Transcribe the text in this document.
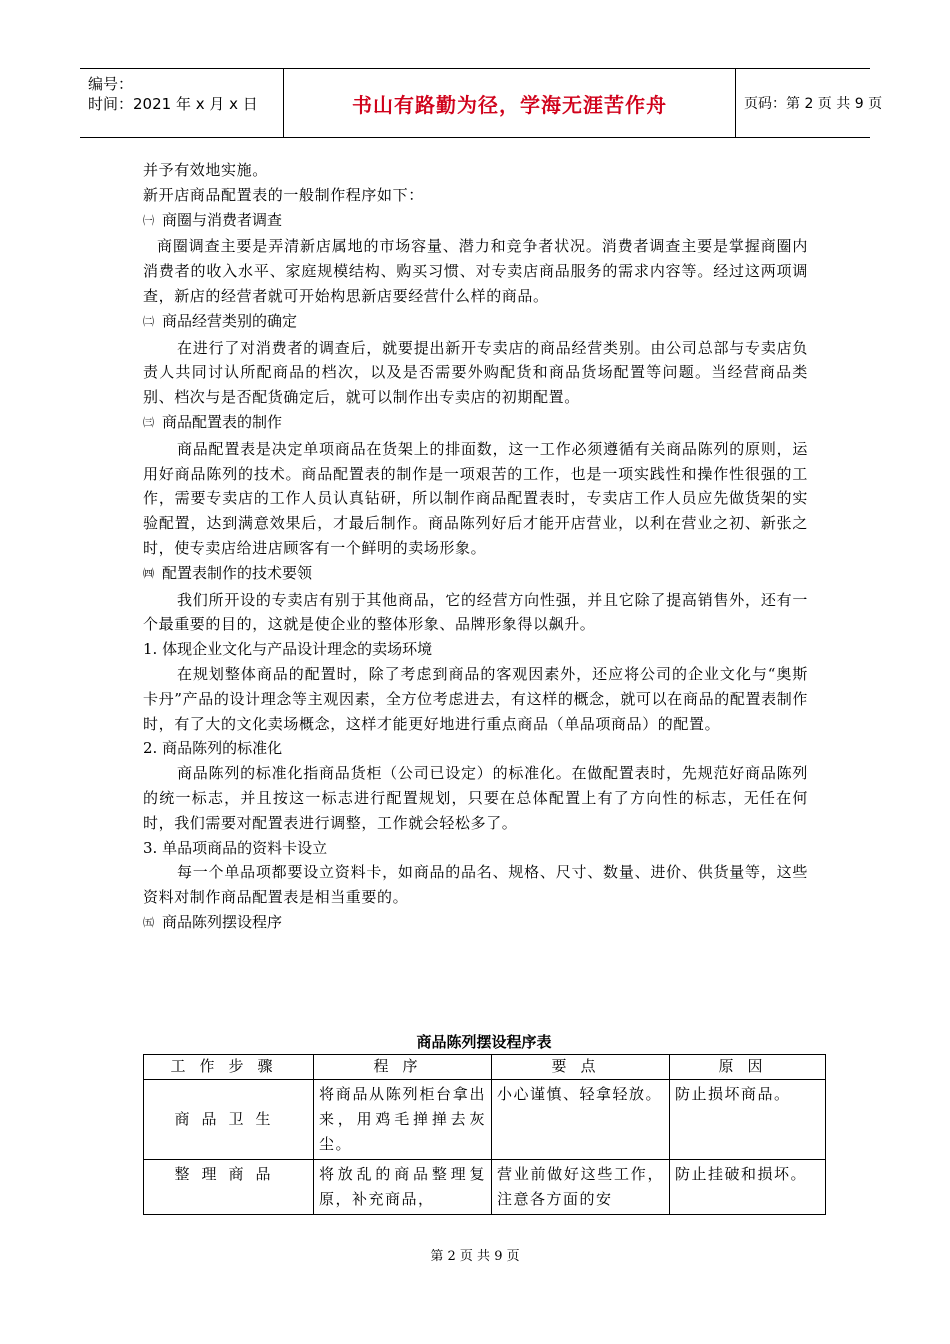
编号：
时间：2021 年 x 月 x 日	书山有路勤为径，学海无涯苦作舟	页码：第 2 页 共 9 页

并予有效地实施。

新开店商品配置表的一般制作程序如下：

㈠ 商圈与消费者调查

商圈调查主要是弄清新店属地的市场容量、潜力和竞争者状况。消费者调查主要是掌握商圈内消费者的收入水平、家庭规模结构、购买习惯、对专卖店商品服务的需求内容等。经过这两项调查，新店的经营者就可开始构思新店要经营什么样的商品。

㈡ 商品经营类别的确定

在进行了对消费者的调查后，就要提出新开专卖店的商品经营类别。由公司总部与专卖店负责人共同讨认所配商品的档次，以及是否需要外购配货和商品货场配置等问题。当经营商品类别、档次与是否配货确定后，就可以制作出专卖店的初期配置。

㈢ 商品配置表的制作

商品配置表是决定单项商品在货架上的排面数，这一工作必须遵循有关商品陈列的原则，运用好商品陈列的技术。商品配置表的制作是一项艰苦的工作，也是一项实践性和操作性很强的工作，需要专卖店的工作人员认真钻研，所以制作商品配置表时，专卖店工作人员应先做货架的实验配置，达到满意效果后，才最后制作。商品陈列好后才能开店营业，以利在营业之初、新张之时，使专卖店给进店顾客有一个鲜明的卖场形象。

㈣ 配置表制作的技术要领

我们所开设的专卖店有别于其他商品，它的经营方向性强，并且它除了提高销售外，还有一个最重要的目的，这就是使企业的整体形象、品牌形象得以飙升。

1. 体现企业文化与产品设计理念的卖场环境

在规划整体商品的配置时，除了考虑到商品的客观因素外，还应将公司的企业文化与“奥斯卡丹”产品的设计理念等主观因素，全方位考虑进去，有这样的概念，就可以在商品的配置表制作时，有了大的文化卖场概念，这样才能更好地进行重点商品（单品项商品）的配置。

2. 商品陈列的标准化

商品陈列的标准化指商品货柜（公司已设定）的标准化。在做配置表时，先规范好商品陈列的统一标志，并且按这一标志进行配置规划，只要在总体配置上有了方向性的标志，无任在何时，我们需要对配置表进行调整，工作就会轻松多了。

3. 单品项商品的资料卡设立

每一个单品项都要设立资料卡，如商品的品名、规格、尺寸、数量、进价、供货量等，这些资料对制作商品配置表是相当重要的。

㈤ 商品陈列摆设程序

商品陈列摆设程序表
工作步骤	程序	要点	原因
商品卫生	将商品从陈列柜台拿出来，用鸡毛掸掸去灰尘。	小心谨慎、轻拿轻放。	防止损坏商品。
整理商品	将放乱的商品整理复原，补充商品，	营业前做好这些工作，注意各方面的安	防止挂破和损坏。
第 2 页 共 9 页
